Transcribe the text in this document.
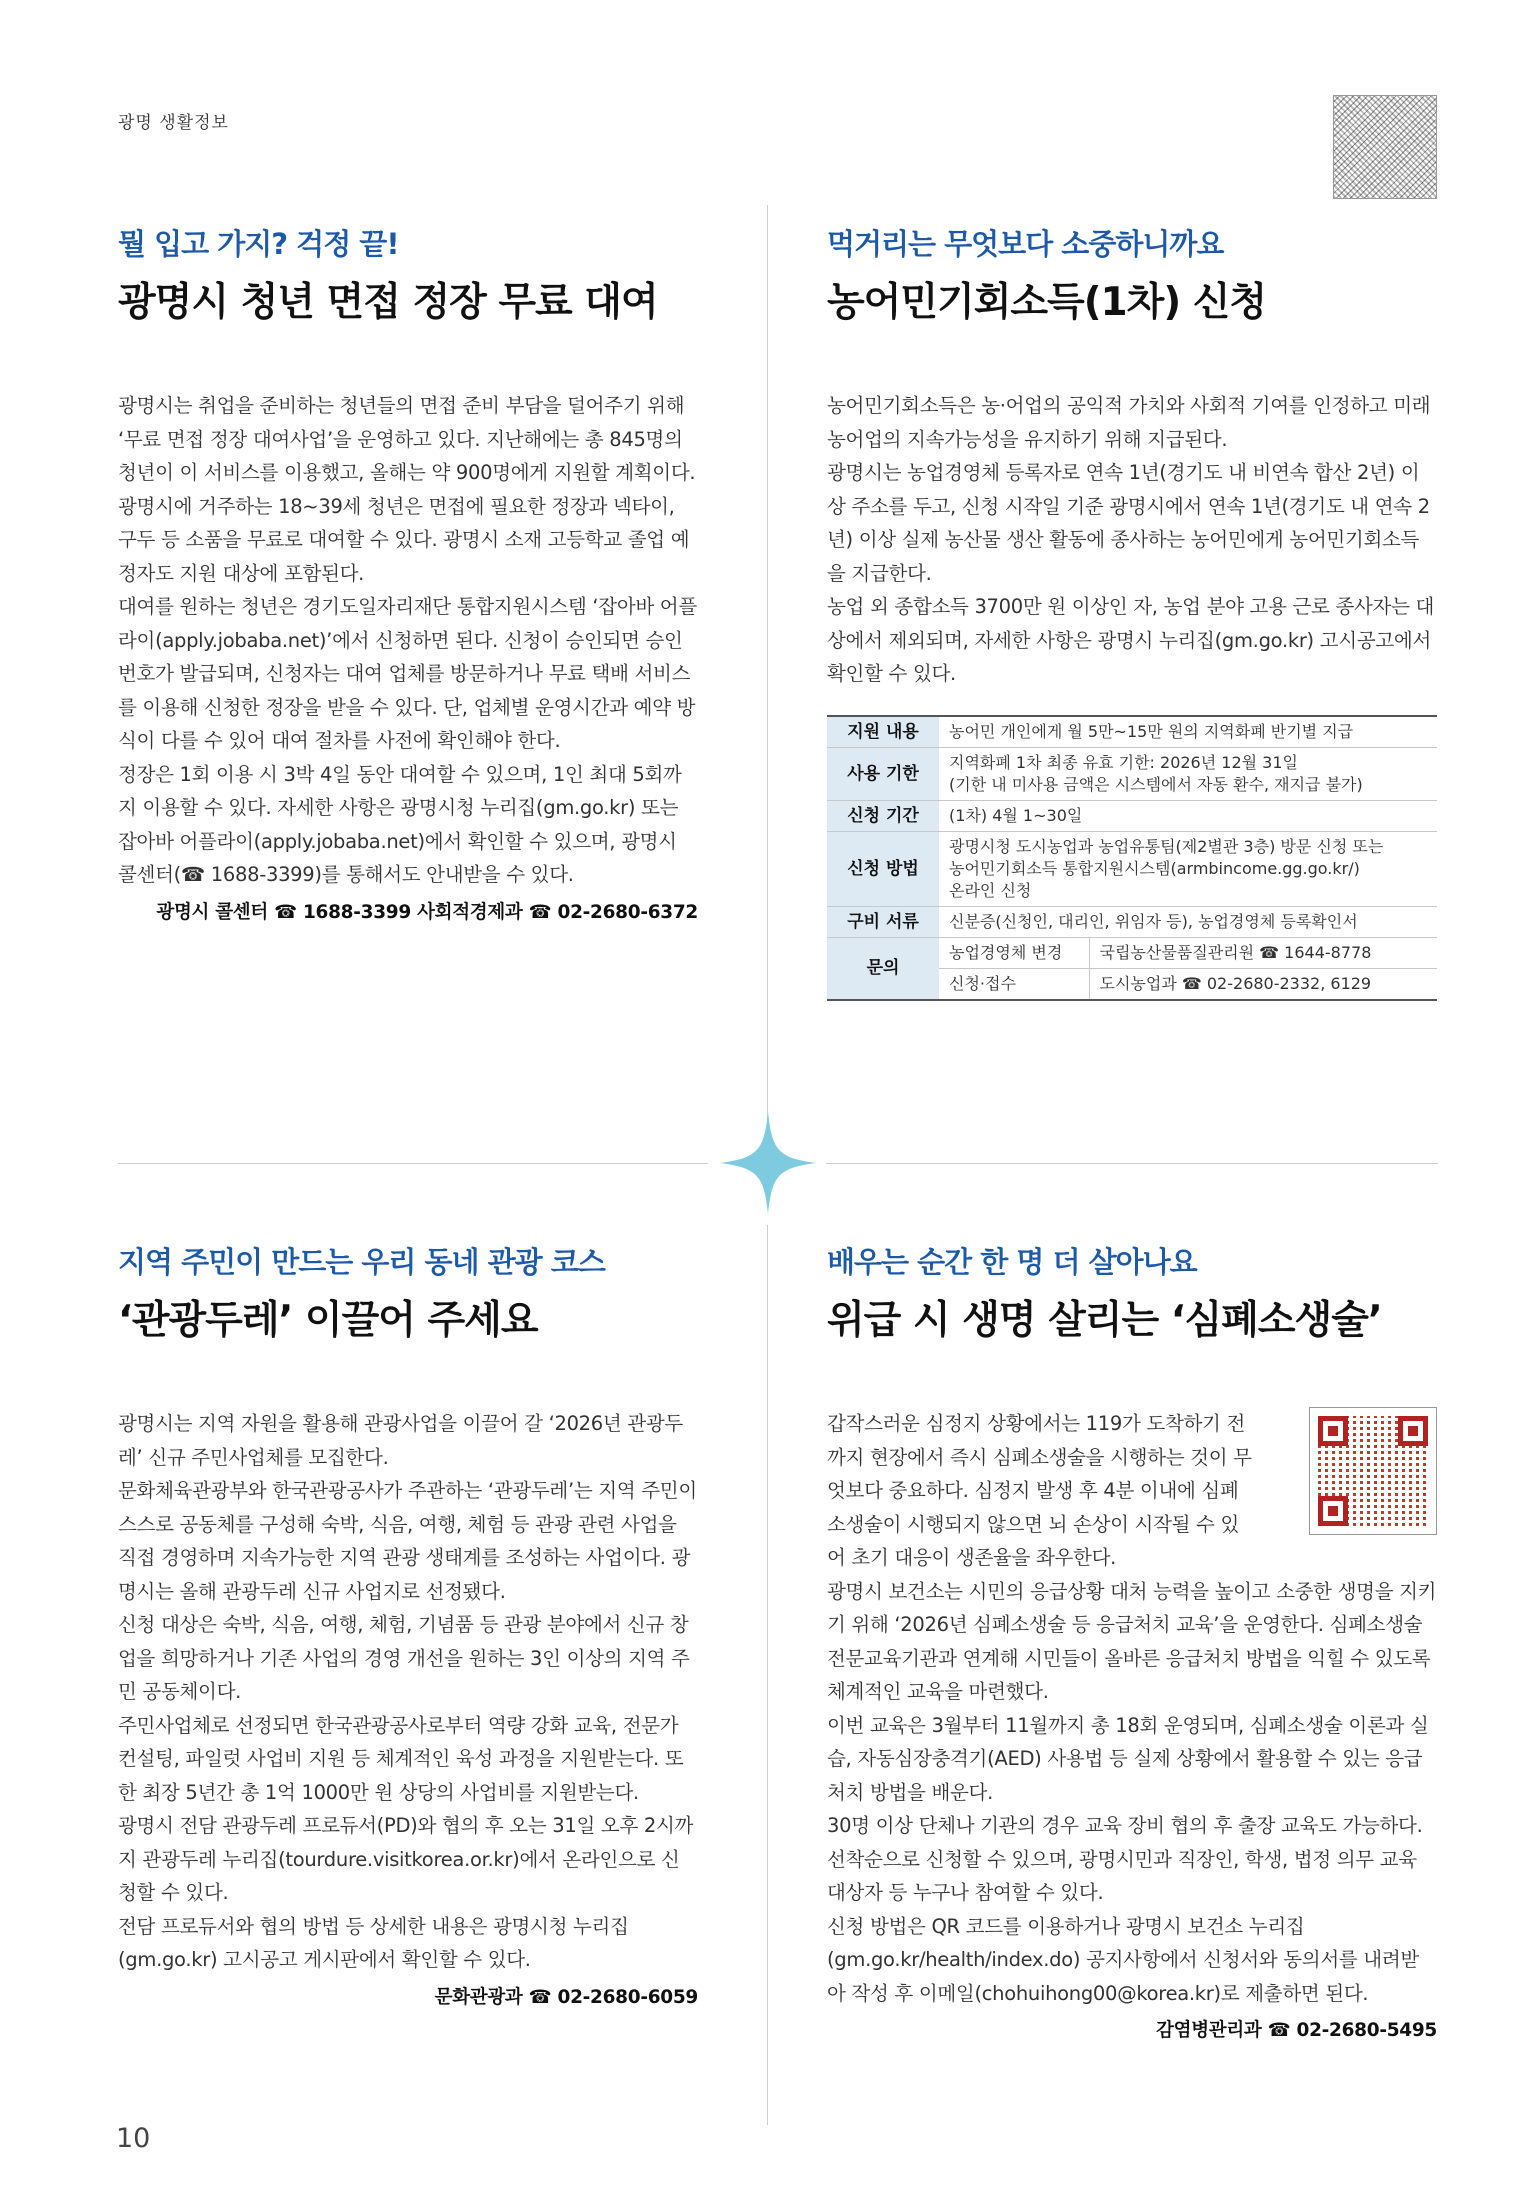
광명 생활정보
뭘 입고 가지? 걱정 끝!
광명시 청년 면접 정장 무료 대여

광명시는 취업을 준비하는 청년들의 면접 준비 부담을 덜어주기 위해 ‘무료 면접 정장 대여사업’을 운영하고 있다. 지난해에는 총 845명의 청년이 이 서비스를 이용했고, 올해는 약 900명에게 지원할 계획이다.

광명시에 거주하는 18~39세 청년은 면접에 필요한 정장과 넥타이, 구두 등 소품을 무료로 대여할 수 있다. 광명시 소재 고등학교 졸업 예정자도 지원 대상에 포함된다.

대여를 원하는 청년은 경기도일자리재단 통합지원시스템 ‘잡아바 어플라이(apply.jobaba.net)’에서 신청하면 된다. 신청이 승인되면 승인 번호가 발급되며, 신청자는 대여 업체를 방문하거나 무료 택배 서비스를 이용해 신청한 정장을 받을 수 있다. 단, 업체별 운영시간과 예약 방식이 다를 수 있어 대여 절차를 사전에 확인해야 한다.

정장은 1회 이용 시 3박 4일 동안 대여할 수 있으며, 1인 최대 5회까지 이용할 수 있다. 자세한 사항은 광명시청 누리집(gm.go.kr) 또는 잡아바 어플라이(apply.jobaba.net)에서 확인할 수 있으며, 광명시 콜센터(☎ 1688-3399)를 통해서도 안내받을 수 있다.

광명시 콜센터 ☎ 1688-3399 사회적경제과 ☎ 02-2680-6372
먹거리는 무엇보다 소중하니까요
농어민기회소득(1차) 신청

농어민기회소득은 농·어업의 공익적 가치와 사회적 기여를 인정하고 미래 농어업의 지속가능성을 유지하기 위해 지급된다.

광명시는 농업경영체 등록자로 연속 1년(경기도 내 비연속 합산 2년) 이상 주소를 두고, 신청 시작일 기준 광명시에서 연속 1년(경기도 내 연속 2년) 이상 실제 농산물 생산 활동에 종사하는 농어민에게 농어민기회소득을 지급한다.

농업 외 종합소득 3700만 원 이상인 자, 농업 분야 고용 근로 종사자는 대상에서 제외되며, 자세한 사항은 광명시 누리집(gm.go.kr) 고시공고에서 확인할 수 있다.

지원 내용	농어민 개인에게 월 5만~15만 원의 지역화폐 반기별 지급	
사용 기한	지역화폐 1차 최종 유효 기한: 2026년 12월 31일
(기한 내 미사용 금액은 시스템에서 자동 환수, 재지급 불가)	

신청 기간	(1차) 4월 1~30일	
신청 방법	광명시청 도시농업과 농업유통팀(제2별관 3층) 방문 신청 또는
농어민기회소득 통합지원시스템(armbincome.gg.go.kr/)
온라인 신청	

구비 서류	신분증(신청인, 대리인, 위임자 등), 농업경영체 등록확인서	
문의	농업경영체 변경	국립농산물품질관리원 ☎ 1644-8778
	신청·접수	도시농업과 ☎ 02-2680-2332, 6129
지역 주민이 만드는 우리 동네 관광 코스
‘관광두레’ 이끌어 주세요

광명시는 지역 자원을 활용해 관광사업을 이끌어 갈 ‘2026년 관광두레’ 신규 주민사업체를 모집한다.

문화체육관광부와 한국관광공사가 주관하는 ‘관광두레’는 지역 주민이 스스로 공동체를 구성해 숙박, 식음, 여행, 체험 등 관광 관련 사업을 직접 경영하며 지속가능한 지역 관광 생태계를 조성하는 사업이다. 광명시는 올해 관광두레 신규 사업지로 선정됐다.

신청 대상은 숙박, 식음, 여행, 체험, 기념품 등 관광 분야에서 신규 창업을 희망하거나 기존 사업의 경영 개선을 원하는 3인 이상의 지역 주민 공동체이다.

주민사업체로 선정되면 한국관광공사로부터 역량 강화 교육, 전문가 컨설팅, 파일럿 사업비 지원 등 체계적인 육성 과정을 지원받는다. 또한 최장 5년간 총 1억 1000만 원 상당의 사업비를 지원받는다.

광명시 전담 관광두레 프로듀서(PD)와 협의 후 오는 31일 오후 2시까지 관광두레 누리집(tourdure.visitkorea.or.kr)에서 온라인으로 신청할 수 있다.

전담 프로듀서와 협의 방법 등 상세한 내용은 광명시청 누리집(gm.go.kr) 고시공고 게시판에서 확인할 수 있다.

문화관광과 ☎ 02-2680-6059
배우는 순간 한 명 더 살아나요
위급 시 생명 살리는 ‘심폐소생술’
갑작스러운 심정지 상황에서는 119가 도착하기 전
까지 현장에서 즉시 심폐소생술을 시행하는 것이 무
엇보다 중요하다. 심정지 발생 후 4분 이내에 심폐
소생술이 시행되지 않으면 뇌 손상이 시작될 수 있

어 초기 대응이 생존율을 좌우한다.

광명시 보건소는 시민의 응급상황 대처 능력을 높이고 소중한 생명을 지키기 위해 ‘2026년 심폐소생술 등 응급처치 교육’을 운영한다. 심폐소생술 전문교육기관과 연계해 시민들이 올바른 응급처치 방법을 익힐 수 있도록 체계적인 교육을 마련했다.

이번 교육은 3월부터 11월까지 총 18회 운영되며, 심폐소생술 이론과 실습, 자동심장충격기(AED) 사용법 등 실제 상황에서 활용할 수 있는 응급처치 방법을 배운다.

30명 이상 단체나 기관의 경우 교육 장비 협의 후 출장 교육도 가능하다. 선착순으로 신청할 수 있으며, 광명시민과 직장인, 학생, 법정 의무 교육 대상자 등 누구나 참여할 수 있다.

신청 방법은 QR 코드를 이용하거나 광명시 보건소 누리집(gm.go.kr/health/index.do) 공지사항에서 신청서와 동의서를 내려받아 작성 후 이메일(chohuihong00@korea.kr)로 제출하면 된다.

감염병관리과 ☎ 02-2680-5495
10
